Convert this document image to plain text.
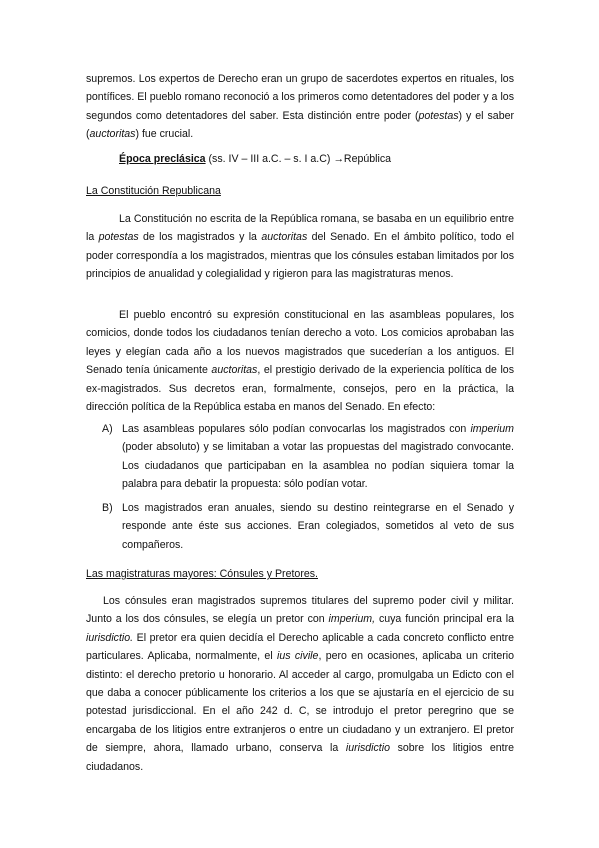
supremos. Los expertos de Derecho eran un grupo de sacerdotes expertos en rituales, los pontífices. El pueblo romano reconoció a los primeros como detentadores del poder y a los segundos como detentadores del saber. Esta distinción entre poder (potestas) y el saber (auctoritas) fue crucial.

Época preclásica (ss. IV – III a.C. – s. I a.C) →República
La Constitución Republicana

La Constitución no escrita de la República romana, se basaba en un equilibrio entre la potestas de los magistrados y la auctoritas del Senado. En el ámbito político, todo el poder correspondía a los magistrados, mientras que los cónsules estaban limitados por los principios de anualidad y colegialidad y rigieron para las magistraturas menos.

El pueblo encontró su expresión constitucional en las asambleas populares, los comicios, donde todos los ciudadanos tenían derecho a voto. Los comicios aprobaban las leyes y elegían cada año a los nuevos magistrados que sucederían a los antiguos. El Senado tenía únicamente auctoritas, el prestigio derivado de la experiencia política de los ex-magistrados. Sus decretos eran, formalmente, consejos, pero en la práctica, la dirección política de la República estaba en manos del Senado. En efecto:

A) Las asambleas populares sólo podían convocarlas los magistrados con imperium (poder absoluto) y se limitaban a votar las propuestas del magistrado convocante. Los ciudadanos que participaban en la asamblea no podían siquiera tomar la palabra para debatir la propuesta: sólo podían votar.

B) Los magistrados eran anuales, siendo su destino reintegrarse en el Senado y responde ante éste sus acciones. Eran colegiados, sometidos al veto de sus compañeros.

Las magistraturas mayores: Cónsules y Pretores.

Los cónsules eran magistrados supremos titulares del supremo poder civil y militar. Junto a los dos cónsules, se elegía un pretor con imperium, cuya función principal era la iurisdictio. El pretor era quien decidía el Derecho aplicable a cada concreto conflicto entre particulares. Aplicaba, normalmente, el ius civile, pero en ocasiones, aplicaba un criterio distinto: el derecho pretorio u honorario. Al acceder al cargo, promulgaba un Edicto con el que daba a conocer públicamente los criterios a los que se ajustaría en el ejercicio de su potestad jurisdiccional. En el año 242 d. C, se introdujo el pretor peregrino que se encargaba de los litigios entre extranjeros o entre un ciudadano y un extranjero. El pretor de siempre, ahora, llamado urbano, conserva la iurisdictio sobre los litigios entre ciudadanos.
